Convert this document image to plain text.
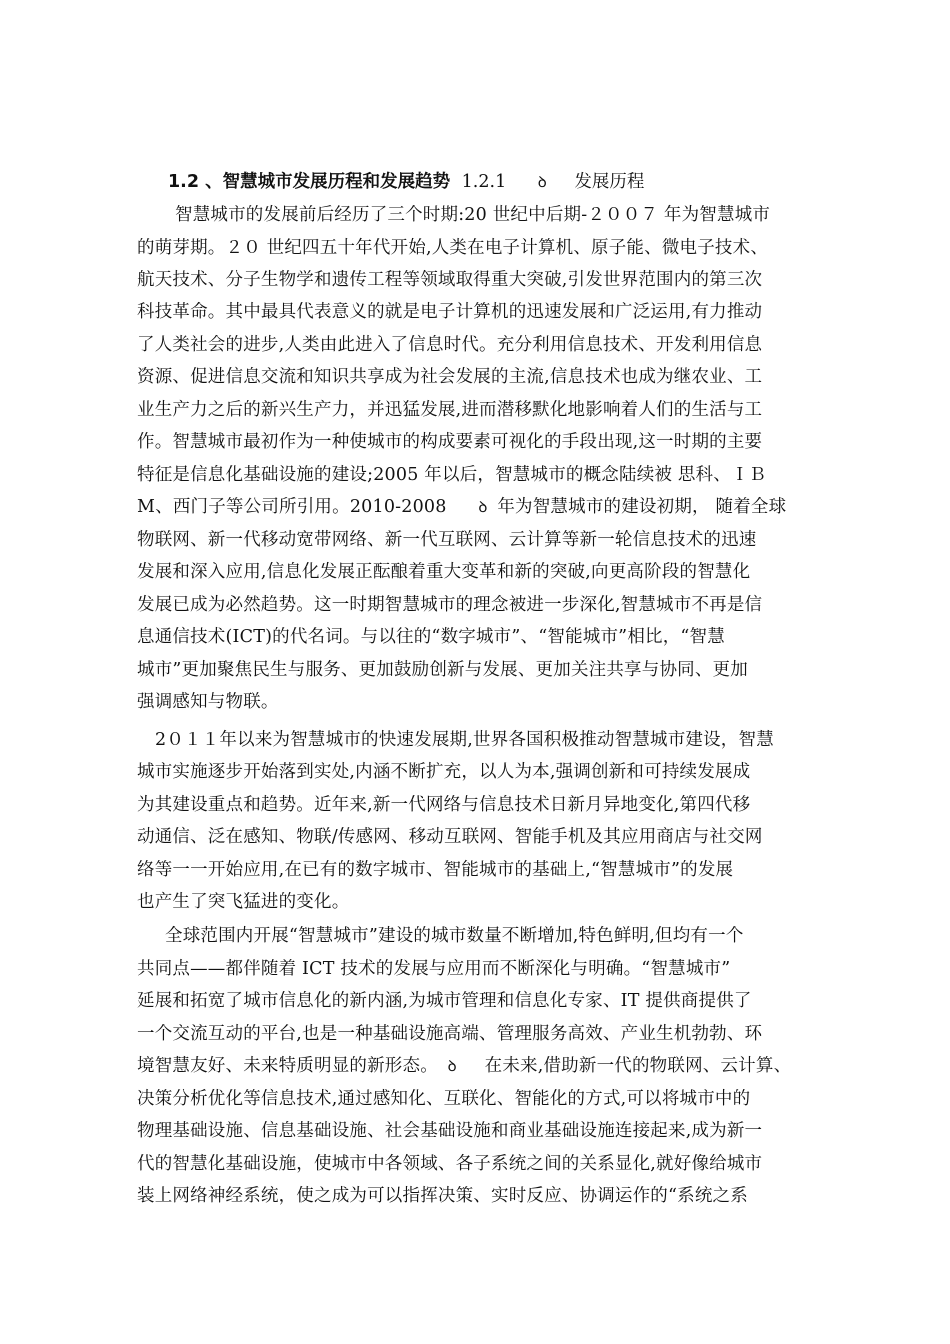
1.2 、智慧城市发展历程和发展趋势 1.2.1 ꝺ 发展历程
智慧城市的发展前后经历了三个时期:20 世纪中后期-２００７ 年为智慧城市
的萌芽期。２０ 世纪四五十年代开始,人类在电子计算机、原子能、微电子技术、
航天技术、分子生物学和遗传工程等领域取得重大突破,引发世界范围内的第三次
科技革命。其中最具代表意义的就是电子计算机的迅速发展和广泛运用,有力推动
了人类社会的进步,人类由此进入了信息时代。充分利用信息技术、开发利用信息
资源、促进信息交流和知识共享成为社会发展的主流,信息技术也成为继农业、工
业生产力之后的新兴生产力，并迅猛发展,进而潜移默化地影响着人们的生活与工
作。智慧城市最初作为一种使城市的构成要素可视化的手段出现,这一时期的主要
特征是信息化基础设施的建设;2005 年以后，智慧城市的概念陆续被 思科、ＩＢ
M、西门子等公司所引用。2010-2008 ꝺ 年为智慧城市的建设初期， 随着全球
物联网、新一代移动宽带网络、新一代互联网、云计算等新一轮信息技术的迅速
发展和深入应用,信息化发展正酝酿着重大变革和新的突破,向更高阶段的智慧化
发展已成为必然趋势。这一时期智慧城市的理念被进一步深化,智慧城市不再是信
息通信技术(ICT)的代名词。与以往的“数字城市”、“智能城市”相比，“智慧
城市”更加聚焦民生与服务、更加鼓励创新与发展、更加关注共享与协同、更加
强调感知与物联。
2０１１年以来为智慧城市的快速发展期,世界各国积极推动智慧城市建设，智慧
城市实施逐步开始落到实处,内涵不断扩充，以人为本,强调创新和可持续发展成
为其建设重点和趋势。近年来,新一代网络与信息技术日新月异地变化,第四代移
动通信、泛在感知、物联/传感网、移动互联网、智能手机及其应用商店与社交网
络等一一开始应用,在已有的数字城市、智能城市的基础上,“智慧城市”的发展
也产生了突飞猛进的变化。
全球范围内开展“智慧城市”建设的城市数量不断增加,特色鲜明,但均有一个
共同点——都伴随着 ICT 技术的发展与应用而不断深化与明确。“智慧城市”
延展和拓宽了城市信息化的新内涵,为城市管理和信息化专家、IT 提供商提供了
一个交流互动的平台,也是一种基础设施高端、管理服务高效、产业生机勃勃、环
境智慧友好、未来特质明显的新形态。 ꝺ 在未来,借助新一代的物联网、云计算、
决策分析优化等信息技术,通过感知化、互联化、智能化的方式,可以将城市中的
物理基础设施、信息基础设施、社会基础设施和商业基础设施连接起来,成为新一
代的智慧化基础设施，使城市中各领域、各子系统之间的关系显化,就好像给城市
装上网络神经系统，使之成为可以指挥决策、实时反应、协调运作的“系统之系
